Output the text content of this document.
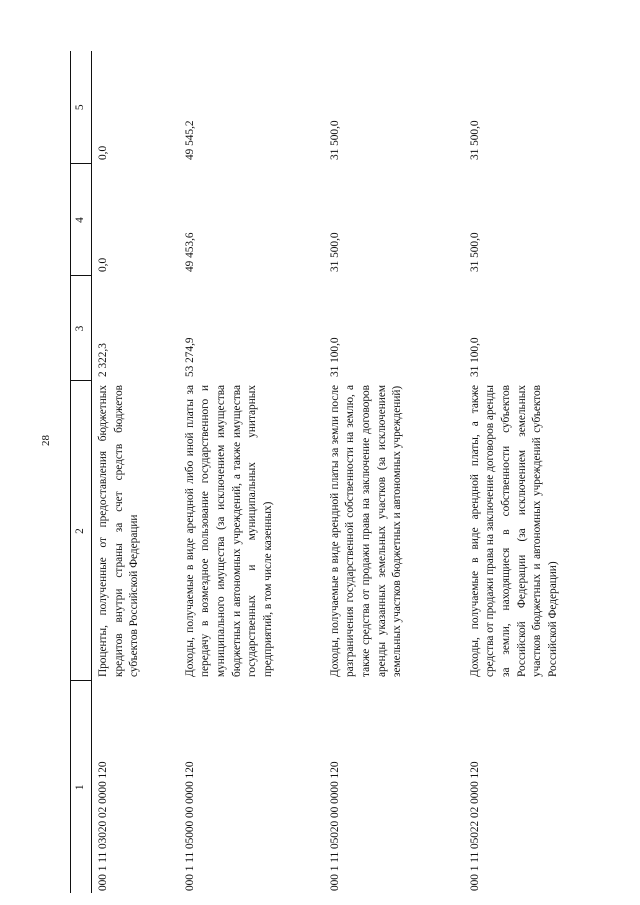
28
1	2	3	4	5
000 1 11 03020 02 0000 120	Проценты, полученные от предоставления бюджетных кредитов внутри страны за счет средств бюджетов субъектов Российской Федерации	2 322,3	0,0	0,0
000 1 11 05000 00 0000 120	Доходы, получаемые в виде арендной либо иной платы за передачу в возмездное пользование государственного и муниципального имущества (за исключением имущества бюджетных и автономных учреждений, а также имущества государственных и муниципальных унитарных предприятий, в том числе казенных)	53 274,9	49 453,6	49 545,2
000 1 11 05020 00 0000 120	Доходы, получаемые в виде арендной платы за земли после разграничения государственной собственности на землю, а также средства от продажи права на заключение договоров аренды указанных земельных участков (за исключением земельных участков бюджетных и автономных учреждений)	31 100,0	31 500,0	31 500,0
000 1 11 05022 02 0000 120	Доходы, получаемые в виде арендной платы, а также средства от продажи права на заключение договоров аренды за земли, находящиеся в собственности субъектов Российской Федерации (за исключением земельных участков бюджетных и автономных учреждений субъектов Российской Федерации)	31 100,0	31 500,0	31 500,0
